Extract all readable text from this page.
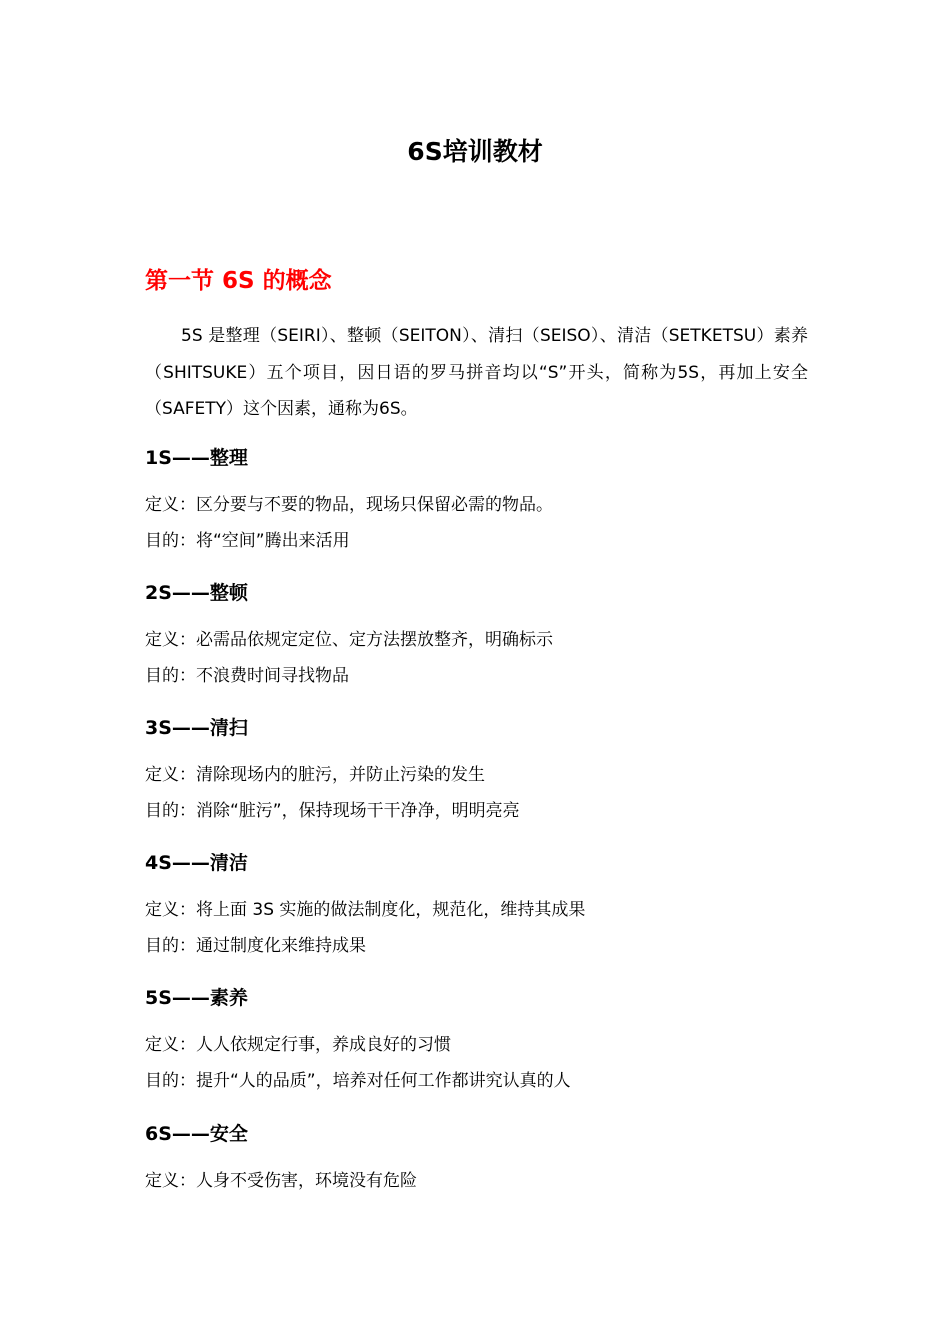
6S培训教材
第一节 6S 的概念

5S 是整理（SEIRI）、整顿（SEITON）、清扫（SEISO）、清洁（SETKETSU）素养（SHITSUKE）五个项目，因日语的罗马拼音均以“S”开头，简称为5S，再加上安全（SAFETY）这个因素，通称为6S。

1S——整理

定义：区分要与不要的物品，现场只保留必需的物品。

目的：将“空间”腾出来活用

2S——整顿

定义：必需品依规定定位、定方法摆放整齐，明确标示

目的：不浪费时间寻找物品

3S——清扫

定义：清除现场内的脏污，并防止污染的发生

目的：消除“脏污”，保持现场干干净净，明明亮亮

4S——清洁

定义：将上面 3S 实施的做法制度化，规范化，维持其成果

目的：通过制度化来维持成果

5S——素养

定义：人人依规定行事，养成良好的习惯

目的：提升“人的品质”，培养对任何工作都讲究认真的人

6S——安全

定义：人身不受伤害，环境没有危险
